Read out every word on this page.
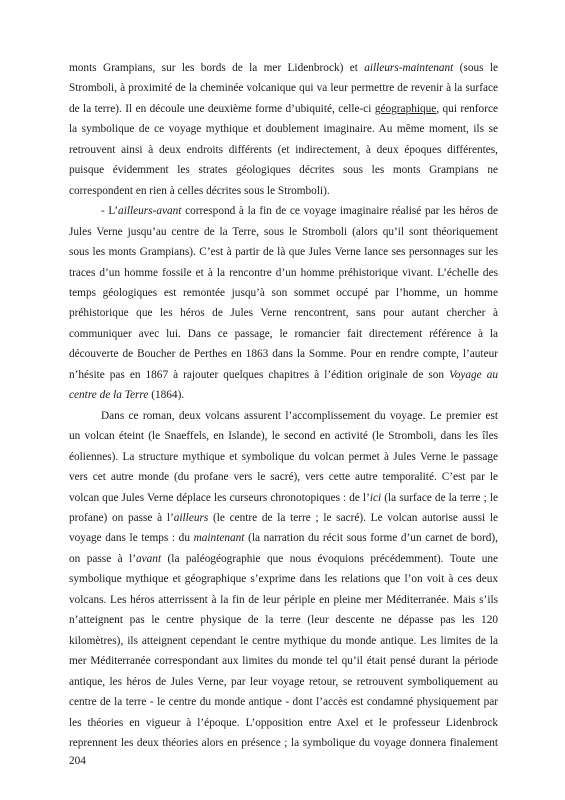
monts Grampians, sur les bords de la mer Lidenbrock) et ailleurs-maintenant (sous le
Stromboli, à proximité de la cheminée volcanique qui va leur permettre de revenir à la surface
de la terre). Il en découle une deuxième forme d’ubiquité, celle-ci géographique, qui renforce
la symbolique de ce voyage mythique et doublement imaginaire. Au même moment, ils se
retrouvent ainsi à deux endroits différents (et indirectement, à deux époques différentes,
puisque évidemment les strates géologiques décrites sous les monts Grampians ne
correspondent en rien à celles décrites sous le Stromboli).
- L’ailleurs-avant correspond à la fin de ce voyage imaginaire réalisé par les héros de
Jules Verne jusqu’au centre de la Terre, sous le Stromboli (alors qu’il sont théoriquement
sous les monts Grampians). C’est à partir de là que Jules Verne lance ses personnages sur les
traces d’un homme fossile et à la rencontre d’un homme préhistorique vivant. L’échelle des
temps géologiques est remontée jusqu’à son sommet occupé par l’homme, un homme
préhistorique que les héros de Jules Verne rencontrent, sans pour autant chercher à
communiquer avec lui. Dans ce passage, le romancier fait directement référence à la
découverte de Boucher de Perthes en 1863 dans la Somme. Pour en rendre compte, l’auteur
n’hésite pas en 1867 à rajouter quelques chapitres à l’édition originale de son Voyage au
centre de la Terre (1864).
Dans ce roman, deux volcans assurent l’accomplissement du voyage. Le premier est
un volcan éteint (le Snaeffels, en Islande), le second en activité (le Stromboli, dans les îles
éoliennes). La structure mythique et symbolique du volcan permet à Jules Verne le passage
vers cet autre monde (du profane vers le sacré), vers cette autre temporalité. C’est par le
volcan que Jules Verne déplace les curseurs chronotopiques : de l’ici (la surface de la terre ; le
profane) on passe à l’ailleurs (le centre de la terre ; le sacré). Le volcan autorise aussi le
voyage dans le temps : du maintenant (la narration du récit sous forme d’un carnet de bord),
on passe à l’avant (la paléogéographie que nous évoquions précédemment). Toute une
symbolique mythique et géographique s’exprime dans les relations que l’on voit à ces deux
volcans. Les héros atterrissent à la fin de leur périple en pleine mer Méditerranée. Mais s’ils
n’atteignent pas le centre physique de la terre (leur descente ne dépasse pas les 120
kilomètres), ils atteignent cependant le centre mythique du monde antique. Les limites de la
mer Méditerranée correspondant aux limites du monde tel qu’il était pensé durant la période
antique, les héros de Jules Verne, par leur voyage retour, se retrouvent symboliquement au
centre de la terre - le centre du monde antique - dont l’accès est condamné physiquement par
les théories en vigueur à l’époque. L’opposition entre Axel et le professeur Lidenbrock
reprennent les deux théories alors en présence ; la symbolique du voyage donnera finalement
204
